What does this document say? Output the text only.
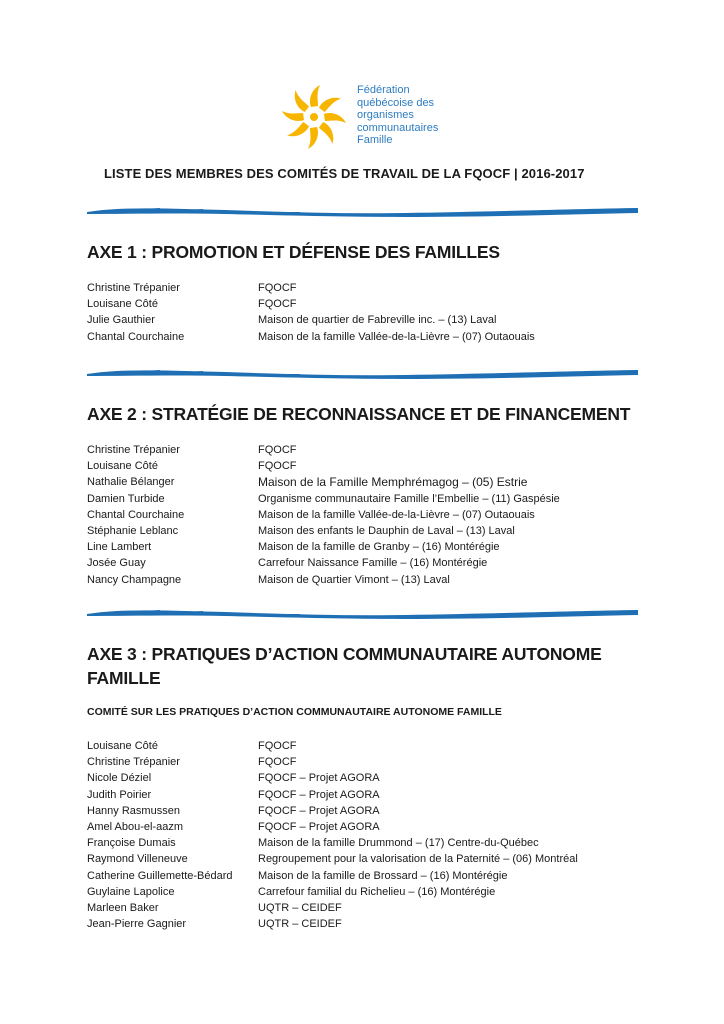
Fédération
québécoise des
organismes
communautaires
Famille
LISTE DES MEMBRES DES COMITÉS DE TRAVAIL DE LA FQOCF | 2016-2017
AXE 1 : PROMOTION ET DÉFENSE DES FAMILLES
Christine Trépanier	FQOCF
Louisane Côté	FQOCF
Julie Gauthier	Maison de quartier de Fabreville inc. – (13) Laval
Chantal Courchaine	Maison de la famille Vallée-de-la-Lièvre – (07) Outaouais
AXE 2 : STRATÉGIE DE RECONNAISSANCE ET DE FINANCEMENT
Christine Trépanier	FQOCF
Louisane Côté	FQOCF
Nathalie Bélanger	Maison de la Famille Memphrémagog – (05) Estrie
Damien Turbide	Organisme communautaire Famille l’Embellie – (11) Gaspésie
Chantal Courchaine	Maison de la famille Vallée-de-la-Lièvre – (07) Outaouais
Stéphanie Leblanc	Maison des enfants le Dauphin de Laval – (13) Laval
Line Lambert	Maison de la famille de Granby – (16) Montérégie
Josée Guay	Carrefour Naissance Famille – (16) Montérégie
Nancy Champagne	Maison de Quartier Vimont – (13) Laval
AXE 3 : PRATIQUES D’ACTION COMMUNAUTAIRE AUTONOME FAMILLE
COMITÉ SUR LES PRATIQUES D’ACTION COMMUNAUTAIRE AUTONOME FAMILLE
Louisane Côté	FQOCF
Christine Trépanier	FQOCF
Nicole Déziel	FQOCF – Projet AGORA
Judith Poirier	FQOCF – Projet AGORA
Hanny Rasmussen	FQOCF – Projet AGORA
Amel Abou-el-aazm	FQOCF – Projet AGORA
Françoise Dumais	Maison de la famille Drummond – (17) Centre-du-Québec
Raymond Villeneuve	Regroupement pour la valorisation de la Paternité – (06) Montréal
Catherine Guillemette-Bédard	Maison de la famille de Brossard – (16) Montérégie
Guylaine Lapolice	Carrefour familial du Richelieu – (16) Montérégie
Marleen Baker	UQTR – CEIDEF
Jean-Pierre Gagnier	UQTR – CEIDEF
